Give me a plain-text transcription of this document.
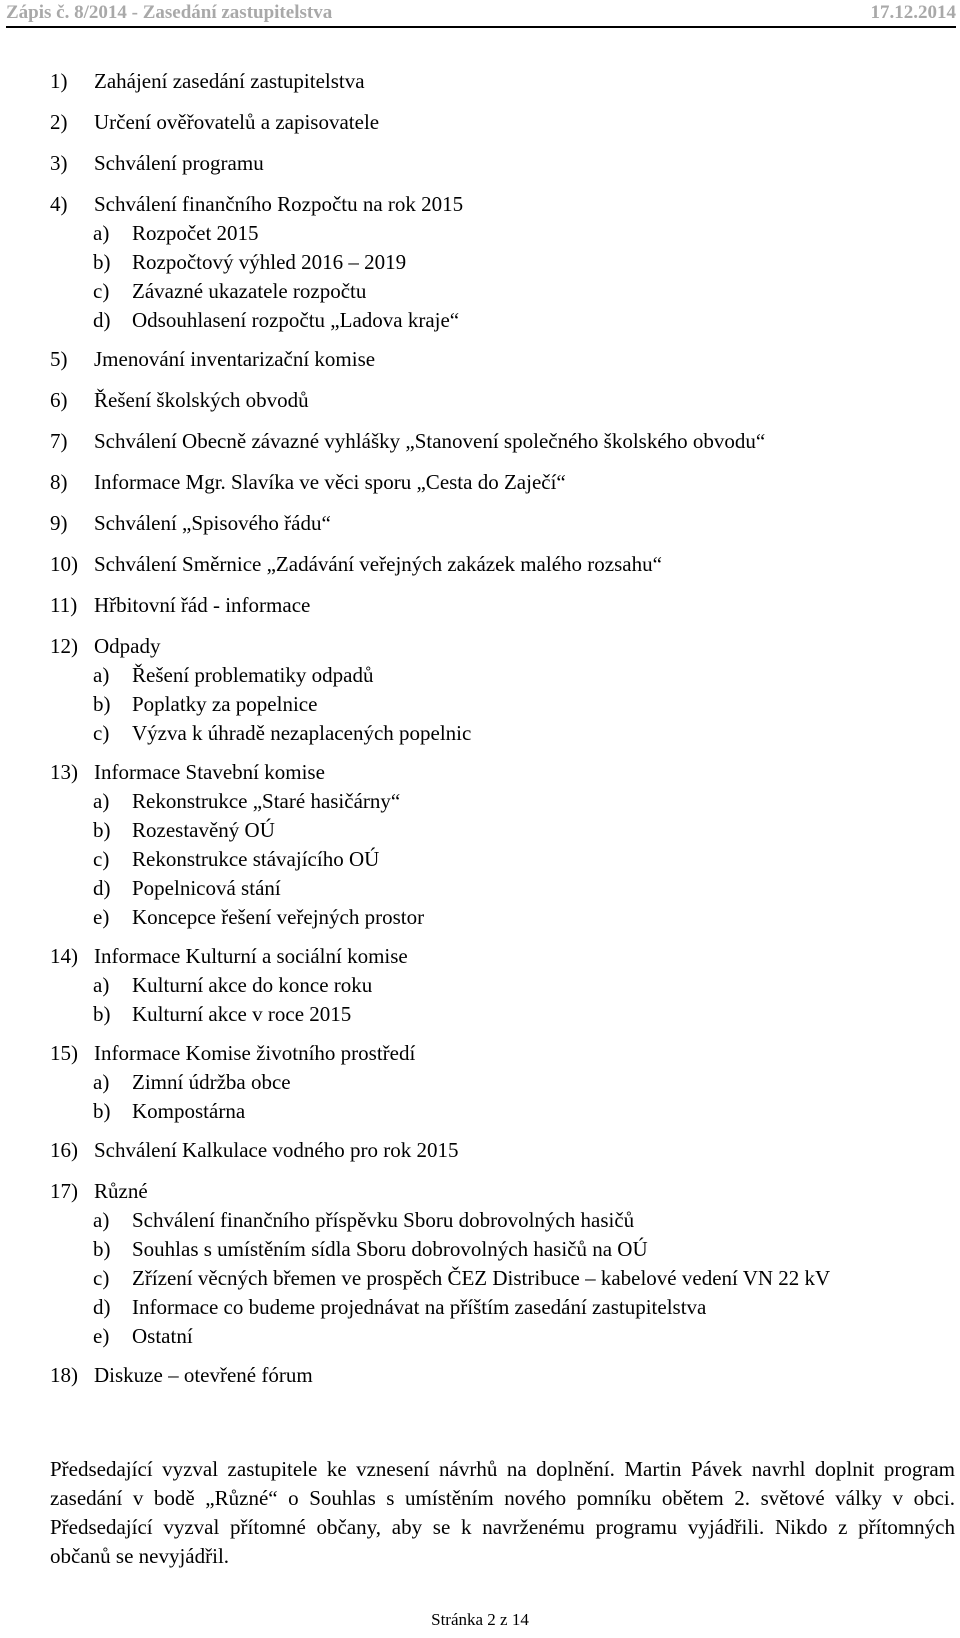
Zápis č. 8/2014 - Zasedání zastupitelstva	17.12.2014
1) Zahájení zasedání zastupitelstva
2) Určení ověřovatelů a zapisovatele
3) Schválení programu
4) Schválení finančního Rozpočtu na rok 2015
a) Rozpočet 2015
b) Rozpočtový výhled 2016 – 2019
c) Závazné ukazatele rozpočtu
d) Odsouhlasení rozpočtu „Ladova kraje“
5) Jmenování inventarizační komise
6) Řešení školských obvodů
7) Schválení Obecně závazné vyhlášky „Stanovení společného školského obvodu“
8) Informace Mgr. Slavíka ve věci sporu „Cesta do Zaječí“
9) Schválení „Spisového řádu“
10) Schválení Směrnice „Zadávání veřejných zakázek malého rozsahu“
11) Hřbitovní řád - informace
12) Odpady
a) Řešení problematiky odpadů
b) Poplatky za popelnice
c) Výzva k úhradě nezaplacených popelnic
13) Informace Stavební komise
a) Rekonstrukce „Staré hasičárny“
b) Rozestavěný OÚ
c) Rekonstrukce stávajícího OÚ
d) Popelnicová stání
e) Koncepce řešení veřejných prostor
14) Informace Kulturní a sociální komise
a) Kulturní akce do konce roku
b) Kulturní akce v roce 2015
15) Informace Komise životního prostředí
a) Zimní údržba obce
b) Kompostárna
16) Schválení Kalkulace vodného pro rok 2015
17) Různé
a) Schválení finančního příspěvku Sboru dobrovolných hasičů
b) Souhlas s umístěním sídla Sboru dobrovolných hasičů na OÚ
c) Zřízení věcných břemen ve prospěch ČEZ Distribuce – kabelové vedení VN 22 kV
d) Informace co budeme projednávat na příštím zasedání zastupitelstva
e) Ostatní
18) Diskuze – otevřené fórum
Předsedající vyzval zastupitele ke vznesení návrhů na doplnění. Martin Pávek navrhl doplnit program zasedání v bodě „Různé“ o Souhlas s umístěním nového pomníku obětem 2. světové války v obci. Předsedající vyzval přítomné občany, aby se k navrženému programu vyjádřili. Nikdo z přítomných občanů se nevyjádřil.
Stránka 2 z 14
